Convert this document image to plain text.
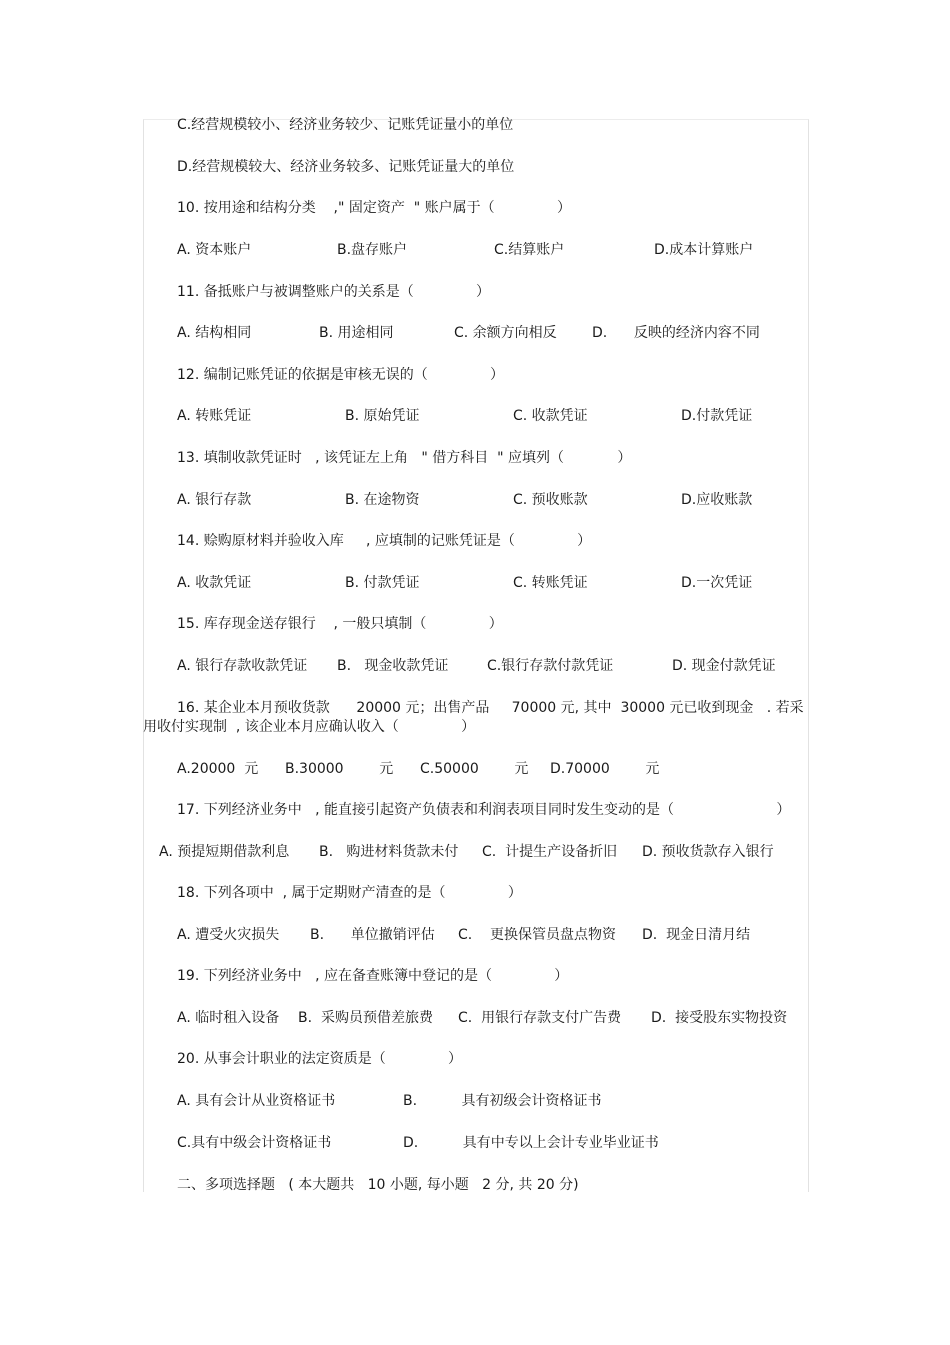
C.经营规模较小、经济业务较少、记账凭证量小的单位
D.经营规模较大、经济业务较多、记账凭证量大的单位
10. 按用途和结构分类    ," 固定资产  " 账户属于（              ）
A. 资本账户	B.盘存账户	C.结算账户	D.成本计算账户
11. 备抵账户与被调整账户的关系是（              ）
A. 结构相同	B. 用途相同	C. 余额方向相反	D.      反映的经济内容不同
12. 编制记账凭证的依据是审核无误的（              ）
A. 转账凭证	B. 原始凭证	C. 收款凭证	D.付款凭证
13. 填制收款凭证时   , 该凭证左上角   " 借方科目  " 应填列（            ）
A. 银行存款	B. 在途物资	C. 预收账款	D.应收账款
14. 赊购原材料并验收入库     , 应填制的记账凭证是（              ）
A. 收款凭证	B. 付款凭证	C. 转账凭证	D.一次凭证
15. 库存现金送存银行    , 一般只填制（              ）
A. 银行存款收款凭证 B.   现金收款凭证	C.银行存款付款凭证	D. 现金付款凭证
16. 某企业本月预收货款      20000 元；出售产品     70000 元, 其中  30000 元已收到现金   . 若采
用收付实现制  , 该企业本月应确认收入（              ）
A.20000  元 B.30000        元 C.50000        元 D.70000        元
17. 下列经济业务中   , 能直接引起资产负债表和利润表项目同时发生变动的是（                       ）
A. 预提短期借款利息 B.   购进材料货款未付 C.  计提生产设备折旧 D. 预收货款存入银行
18. 下列各项中  , 属于定期财产清查的是（              ）
A. 遭受火灾损失 B.      单位撤销评估 C.    更换保管员盘点物资 D.  现金日清月结
19. 下列经济业务中   , 应在备查账簿中登记的是（              ）
A. 临时租入设备 B.  采购员预借差旅费 C.  用银行存款支付广告费 D.  接受股东实物投资
20. 从事会计职业的法定资质是（              ）
A. 具有会计从业资格证书	B.          具有初级会计资格证书
C.具有中级会计资格证书	D.          具有中专以上会计专业毕业证书
二、多项选择题   ( 本大题共   10 小题, 每小题   2 分, 共 20 分)
